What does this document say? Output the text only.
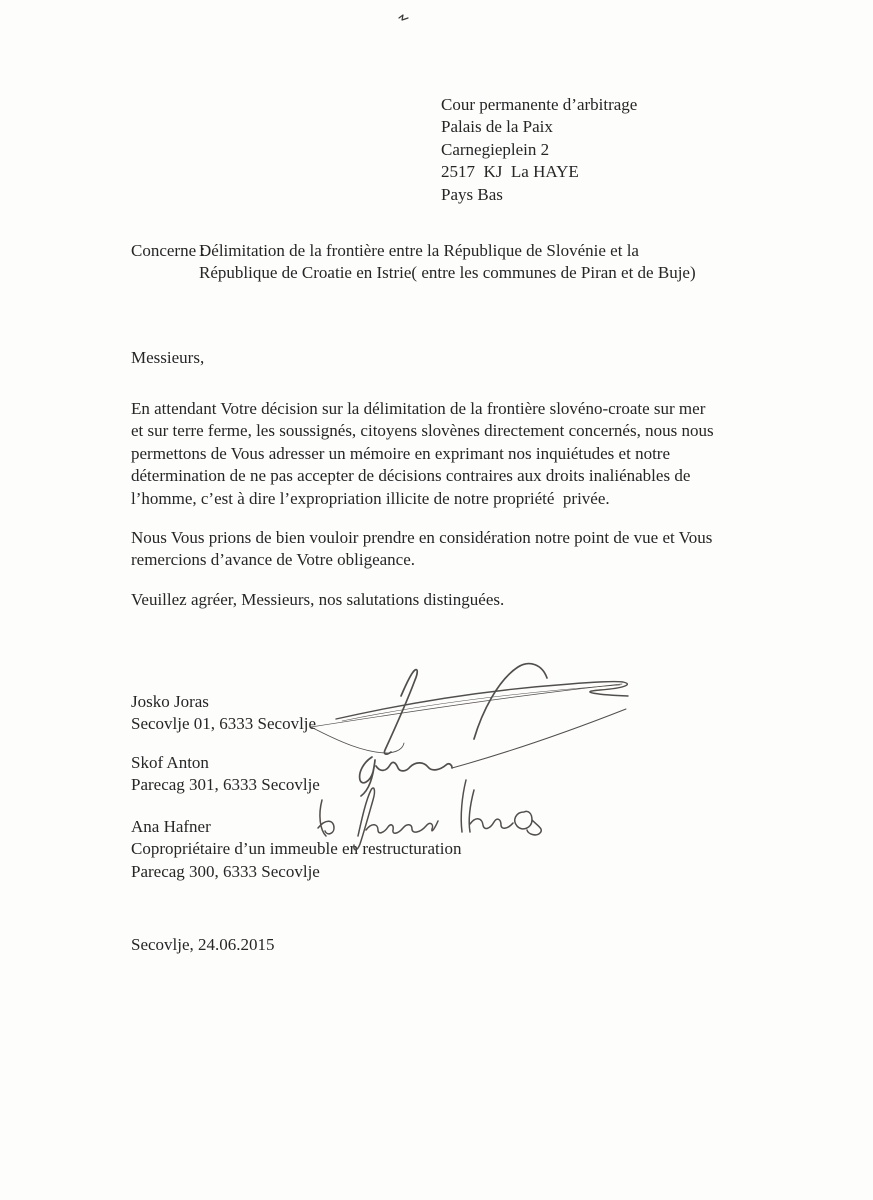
Cour permanente d’arbitrage
Palais de la Paix
Carnegieplein 2
2517  KJ  La HAYE
Pays Bas
Concerne :
Délimitation de la frontière entre la République de Slovénie et la
République de Croatie en Istrie( entre les communes de Piran et de Buje)
Messieurs,
En attendant Votre décision sur la délimitation de la frontière slovéno-croate sur mer
et sur terre ferme, les soussignés, citoyens slovènes directement concernés, nous nous
permettons de Vous adresser un mémoire en exprimant nos inquiétudes et notre
détermination de ne pas accepter de décisions contraires aux droits inaliénables de
l’homme, c’est à dire l’expropriation illicite de notre propriété  privée.
Nous Vous prions de bien vouloir prendre en considération notre point de vue et Vous
remercions d’avance de Votre obligeance.
Veuillez agréer, Messieurs, nos salutations distinguées.
Josko Joras
Secovlje 01, 6333 Secovlje
Skof Anton
Parecag 301, 6333 Secovlje
Ana Hafner
Copropriétaire d’un immeuble en restructuration
Parecag 300, 6333 Secovlje
Secovlje, 24.06.2015
